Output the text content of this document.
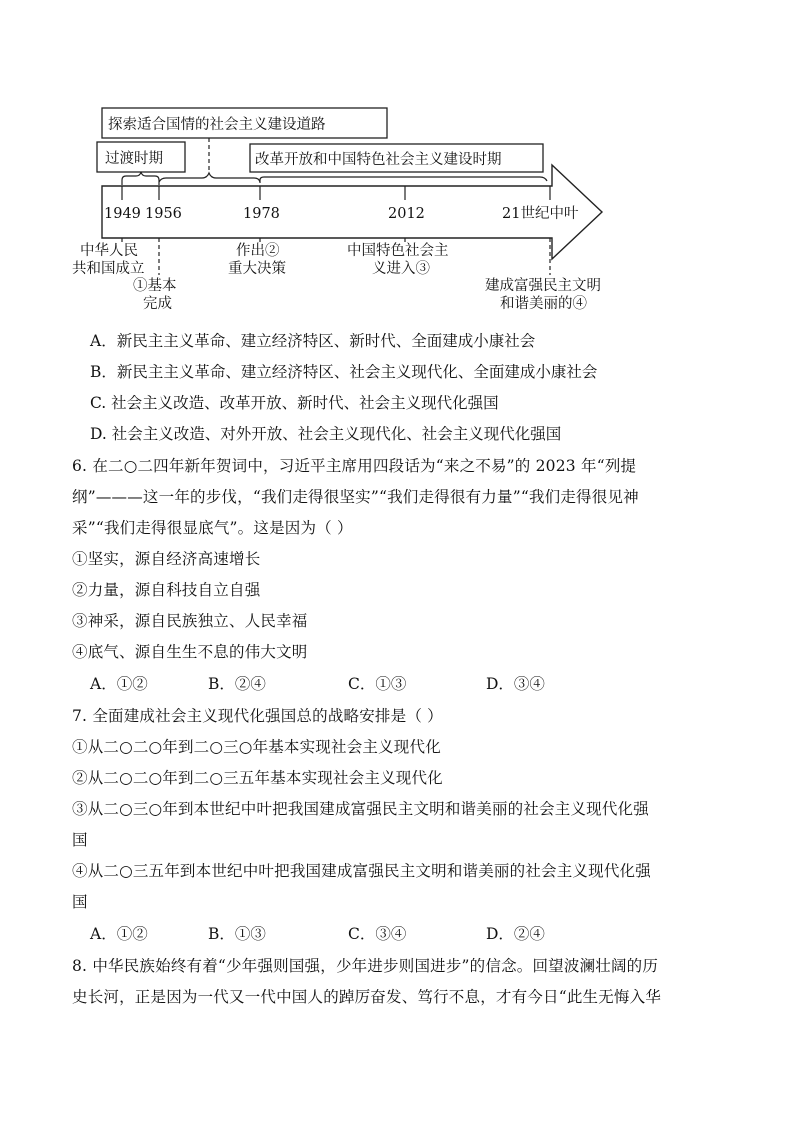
探索适合国情的社会主义建设道路
过渡时期	改革开放和中国特色社会主义建设时期
1949 1956	1978	2012	21世纪中叶
中华人民
共和国成立
①基本
完成
作出②
重大决策
中国特色社会主
义进入③
建成富强民主文明
和谐美丽的④
A．新民主主义革命、建立经济特区、新时代、全面建成小康社会
B．新民主主义革命、建立经济特区、社会主义现代化、全面建成小康社会
C. 社会主义改造、改革开放、新时代、社会主义现代化强国
D. 社会主义改造、对外开放、社会主义现代化、社会主义现代化强国
6. 在二○二四年新年贺词中，习近平主席用四段话为“来之不易”的 2023 年“列提
纲”———这一年的步伐，“我们走得很坚实”“我们走得很有力量”“我们走得很见神
采”“我们走得很显底气”。这是因为（ ）
①坚实，源自经济高速增长
②力量，源自科技自立自强
③神采，源自民族独立、人民幸福
④底气、源自生生不息的伟大文明
A．①②	B．②④	C．①③	D．③④
7. 全面建成社会主义现代化强国总的战略安排是（ ）
①从二○二○年到二○三○年基本实现社会主义现代化
②从二○二○年到二○三五年基本实现社会主义现代化
③从二○三○年到本世纪中叶把我国建成富强民主文明和谐美丽的社会主义现代化强
国
④从二○三五年到本世纪中叶把我国建成富强民主文明和谐美丽的社会主义现代化强
国
A．①②	B．①③	C．③④	D．②④
8. 中华民族始终有着“少年强则国强，少年进步则国进步”的信念。回望波澜壮阔的历
史长河，正是因为一代又一代中国人的踔厉奋发、笃行不息，才有今日“此生无悔入华
